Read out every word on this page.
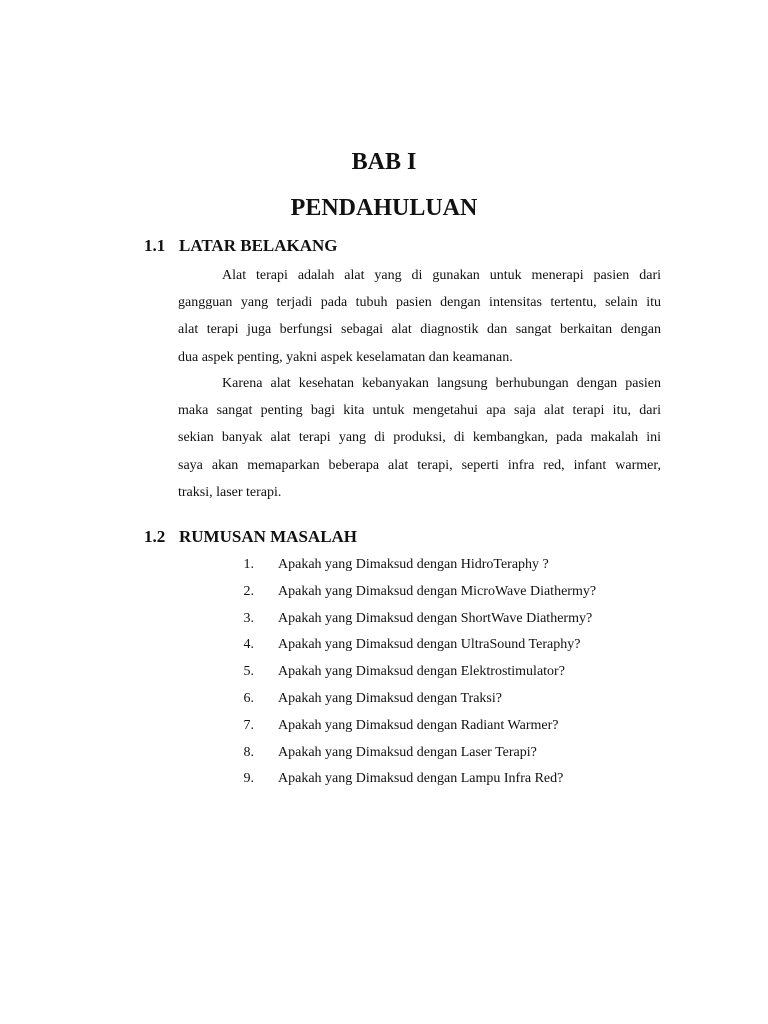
BAB I
PENDAHULUAN
1.1 LATAR BELAKANG

Alat terapi adalah alat yang di gunakan untuk menerapi pasien dari
gangguan yang terjadi pada tubuh pasien dengan intensitas tertentu, selain itu
alat terapi juga berfungsi sebagai alat diagnostik dan sangat berkaitan dengan
dua aspek penting, yakni aspek keselamatan dan keamanan.

Karena alat kesehatan kebanyakan langsung berhubungan dengan pasien
maka sangat penting bagi kita untuk mengetahui apa saja alat terapi itu, dari
sekian banyak alat terapi yang di produksi, di kembangkan, pada makalah ini
saya akan memaparkan beberapa alat terapi, seperti infra red, infant warmer,
traksi, laser terapi.

1.2 RUMUSAN MASALAH
1. Apakah yang Dimaksud dengan HidroTeraphy ?
2. Apakah yang Dimaksud dengan MicroWave Diathermy?
3. Apakah yang Dimaksud dengan ShortWave Diathermy?
4. Apakah yang Dimaksud dengan UltraSound Teraphy?
5. Apakah yang Dimaksud dengan Elektrostimulator?
6. Apakah yang Dimaksud dengan Traksi?
7. Apakah yang Dimaksud dengan Radiant Warmer?
8. Apakah yang Dimaksud dengan Laser Terapi?
9. Apakah yang Dimaksud dengan Lampu Infra Red?
